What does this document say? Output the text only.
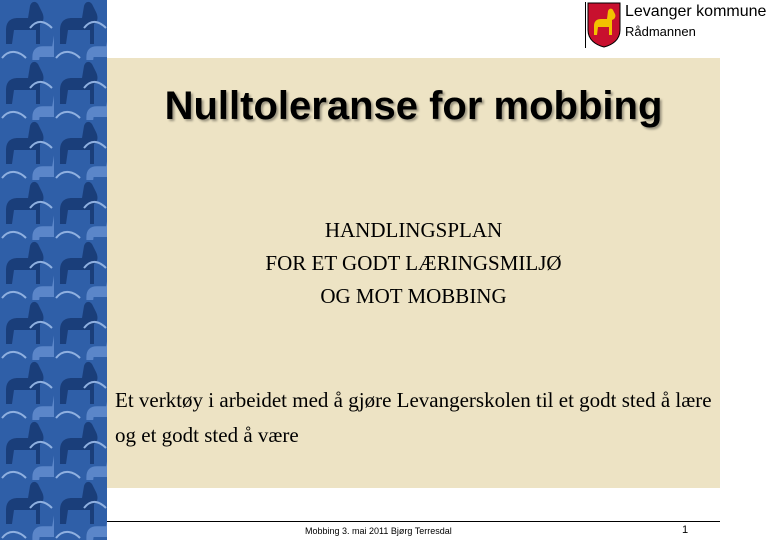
Levanger kommune
Rådmannen
Nulltoleranse for mobbing
HANDLINGSPLAN
FOR ET GODT LÆRINGSMILJØ
OG MOT MOBBING
Et verktøy i arbeidet med å gjøre Levangerskolen til et godt sted å lære og et godt sted å være
Mobbing 3. mai 2011 Bjørg Terresdal	1
